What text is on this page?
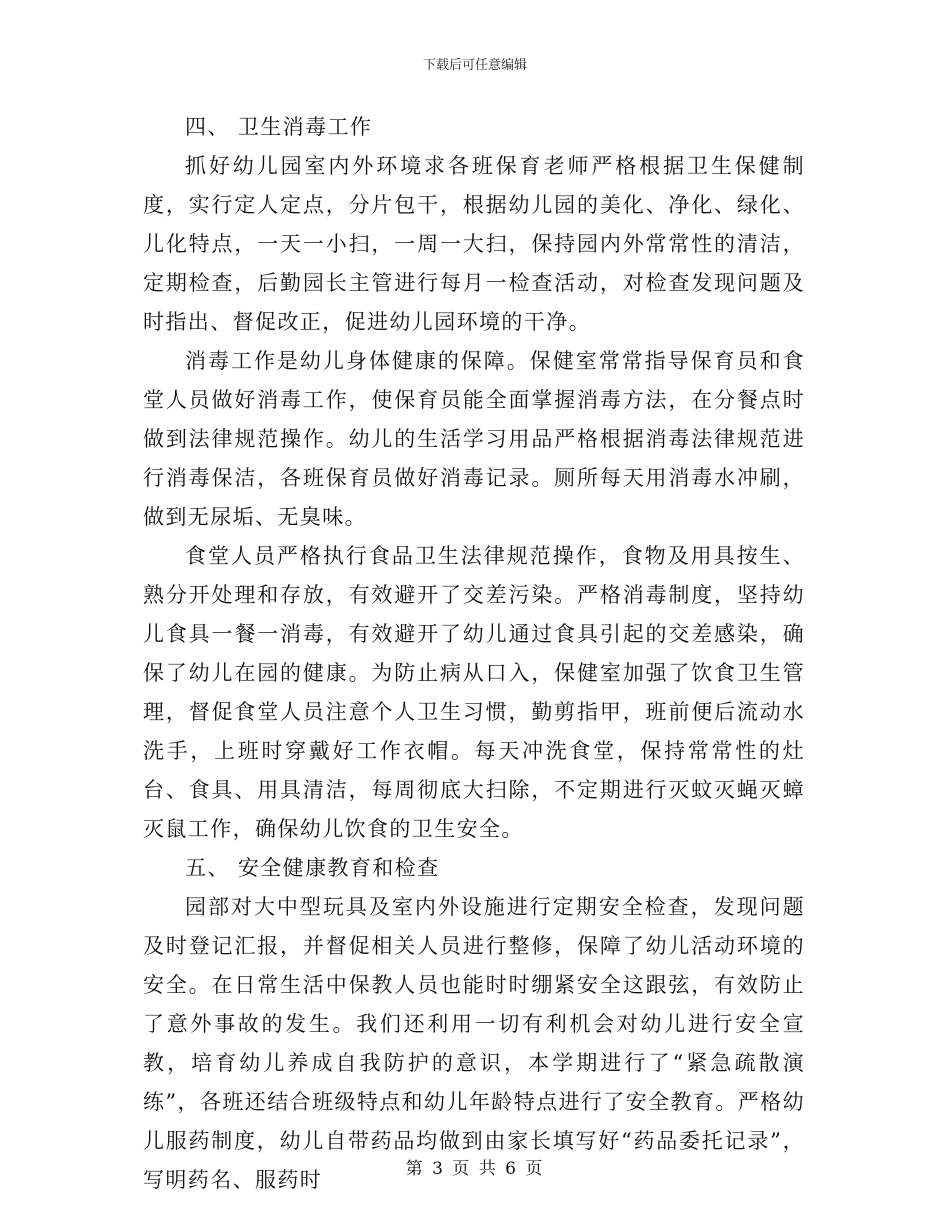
下载后可任意编辑

四、 卫生消毒工作

抓好幼儿园室内外环境求各班保育老师严格根据卫生保健制度，实行定人定点，分片包干，根据幼儿园的美化、净化、绿化、儿化特点，一天一小扫，一周一大扫，保持园内外常常性的清洁，定期检查，后勤园长主管进行每月一检查活动，对检查发现问题及时指出、督促改正，促进幼儿园环境的干净。

消毒工作是幼儿身体健康的保障。保健室常常指导保育员和食堂人员做好消毒工作，使保育员能全面掌握消毒方法，在分餐点时做到法律规范操作。幼儿的生活学习用品严格根据消毒法律规范进行消毒保洁，各班保育员做好消毒记录。厕所每天用消毒水冲刷，做到无尿垢、无臭味。

食堂人员严格执行食品卫生法律规范操作，食物及用具按生、熟分开处理和存放，有效避开了交差污染。严格消毒制度，坚持幼儿食具一餐一消毒，有效避开了幼儿通过食具引起的交差感染，确保了幼儿在园的健康。为防止病从口入，保健室加强了饮食卫生管理，督促食堂人员注意个人卫生习惯，勤剪指甲，班前便后流动水洗手，上班时穿戴好工作衣帽。每天冲洗食堂，保持常常性的灶台、食具、用具清洁，每周彻底大扫除，不定期进行灭蚊灭蝇灭蟑灭鼠工作，确保幼儿饮食的卫生安全。

五、 安全健康教育和检查

园部对大中型玩具及室内外设施进行定期安全检查，发现问题及时登记汇报，并督促相关人员进行整修，保障了幼儿活动环境的安全。在日常生活中保教人员也能时时绷紧安全这跟弦，有效防止了意外事故的发生。我们还利用一切有利机会对幼儿进行安全宣教，培育幼儿养成自我防护的意识，本学期进行了“紧急疏散演练”，各班还结合班级特点和幼儿年龄特点进行了安全教育。严格幼儿服药制度，幼儿自带药品均做到由家长填写好“药品委托记录”，写明药名、服药时	第 3 页 共 6 页
